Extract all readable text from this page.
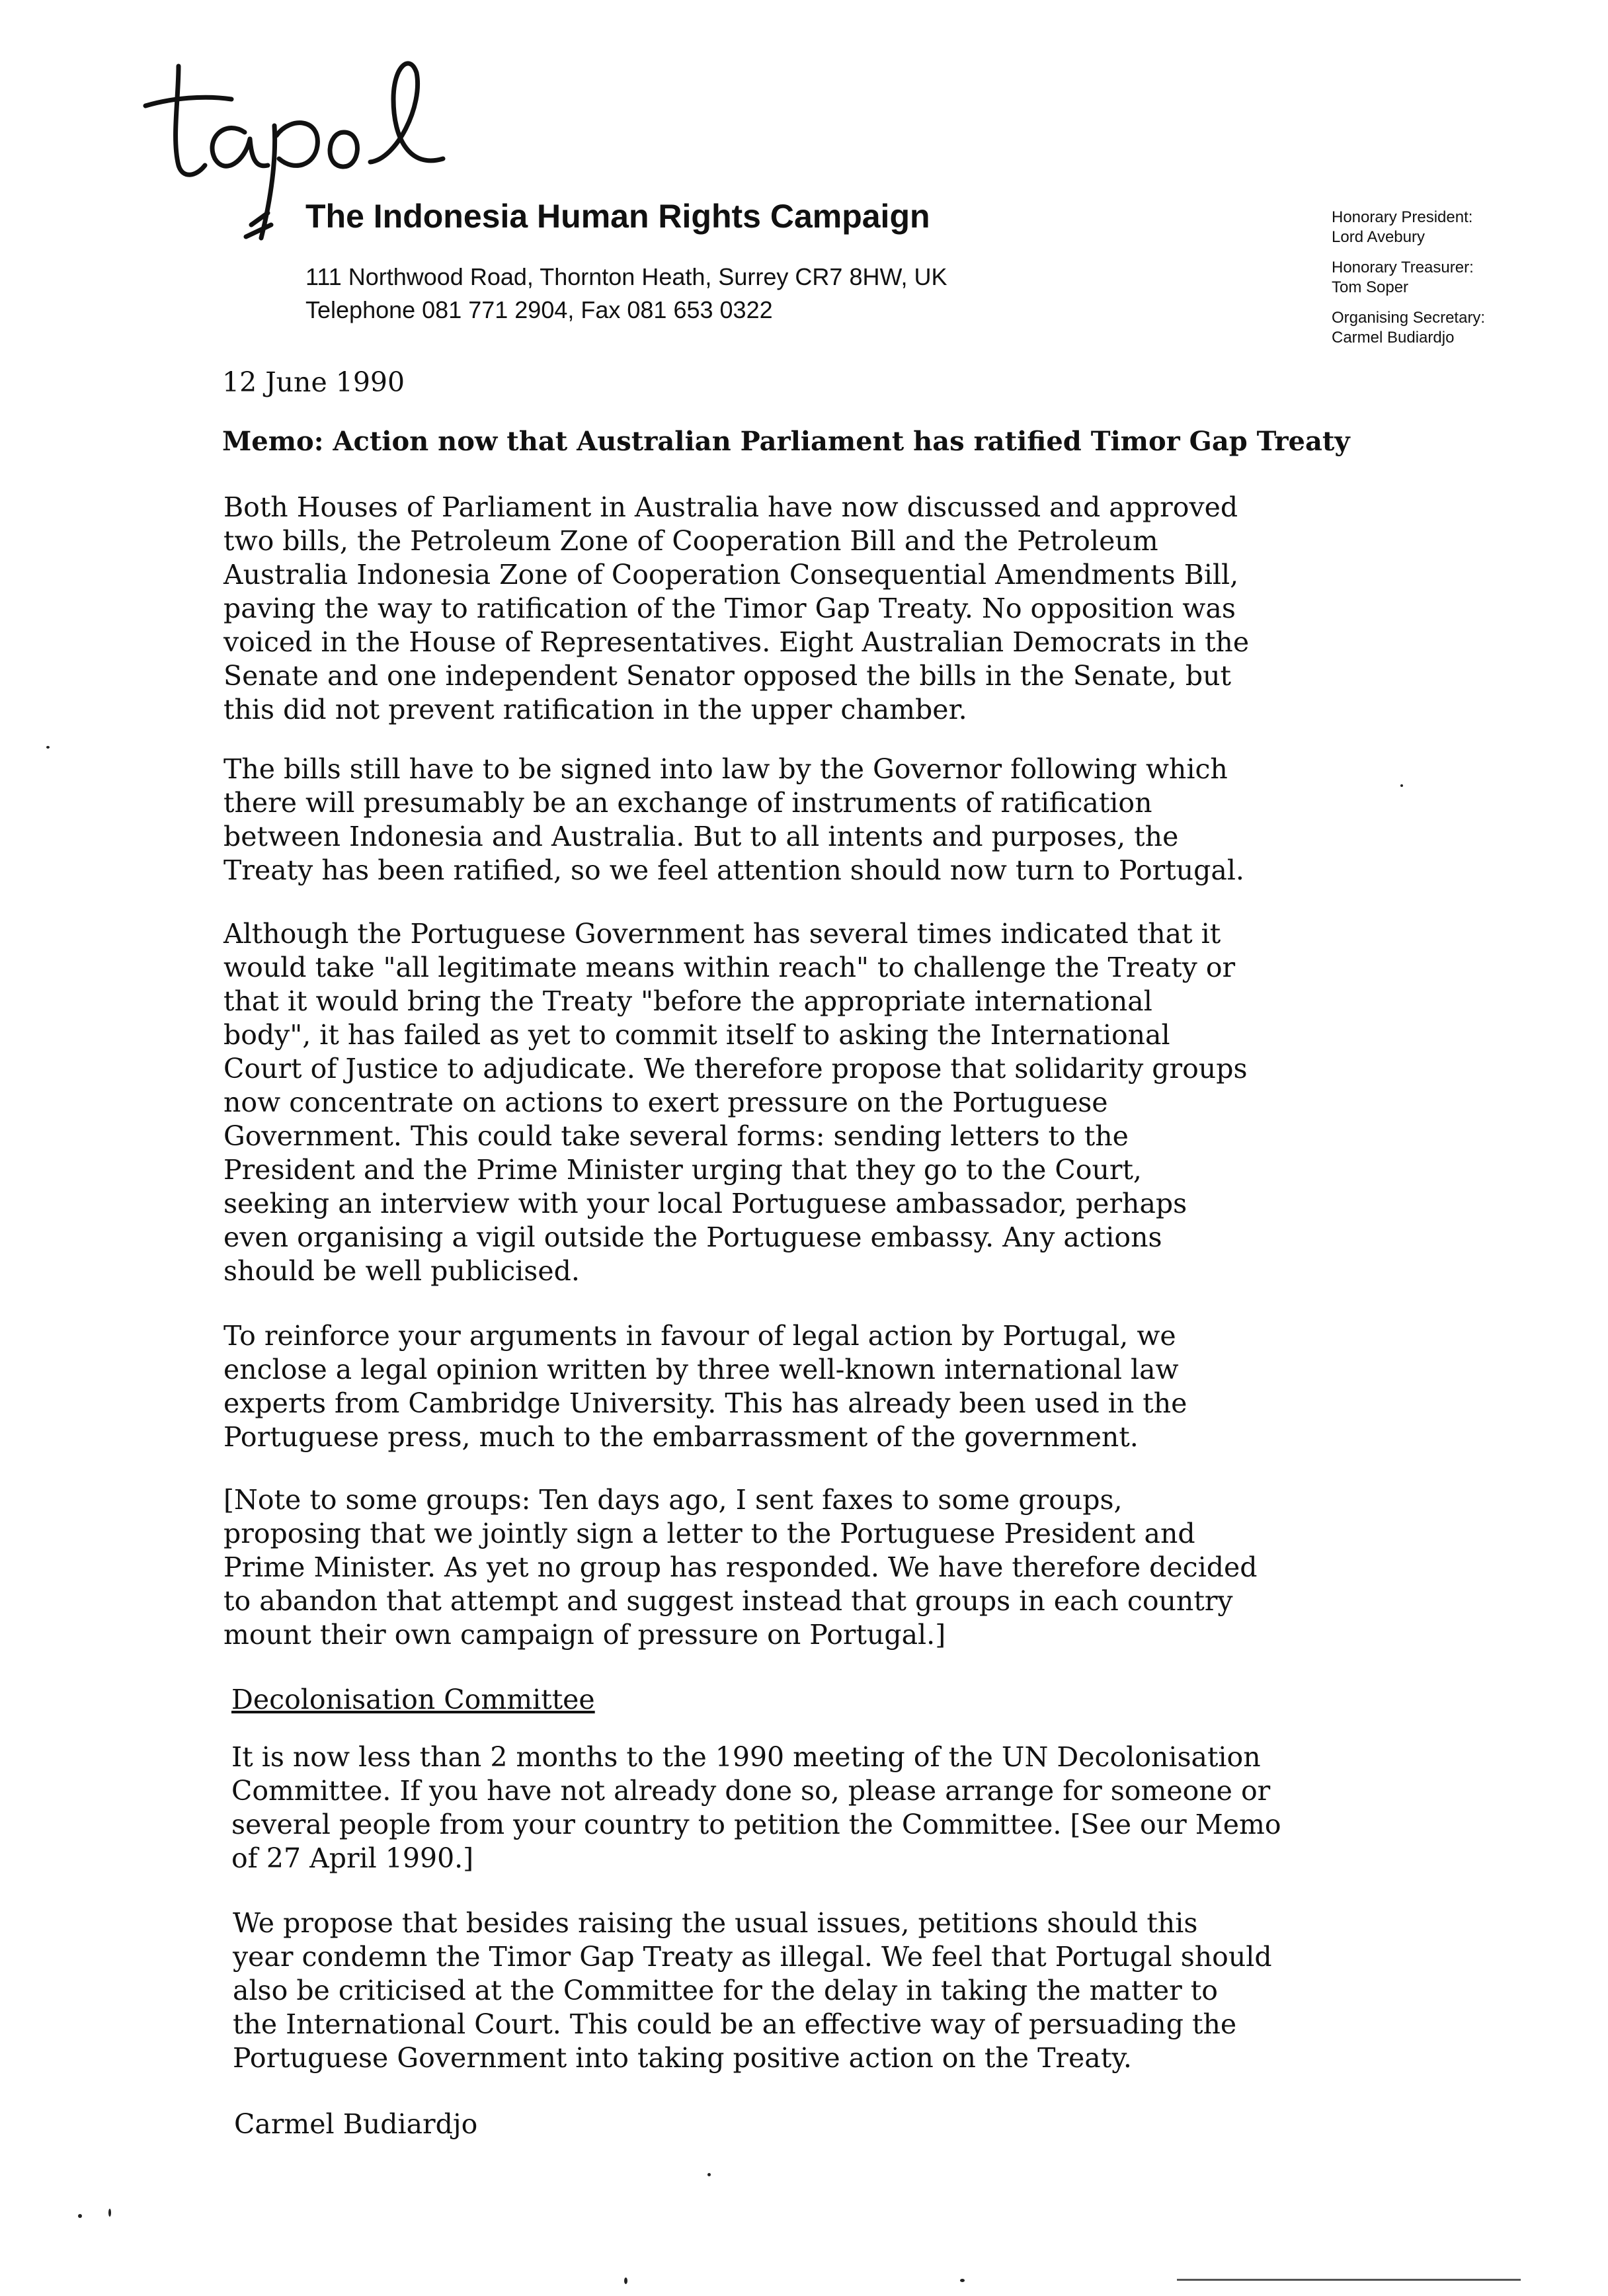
The Indonesia Human Rights Campaign
111 Northwood Road, Thornton Heath, Surrey CR7 8HW, UK
Telephone 081 771 2904, Fax 081 653 0322
Honorary President:
Lord Avebury
Honorary Treasurer:
Tom Soper
Organising Secretary:
Carmel Budiardjo
12 June 1990
Memo: Action now that Australian Parliament has ratified Timor Gap Treaty
Both Houses of Parliament in Australia have now discussed and approved
two bills, the Petroleum Zone of Cooperation Bill and the Petroleum
Australia Indonesia Zone of Cooperation Consequential Amendments Bill,
paving the way to ratification of the Timor Gap Treaty. No opposition was
voiced in the House of Representatives. Eight Australian Democrats in the
Senate and one independent Senator opposed the bills in the Senate, but
this did not prevent ratification in the upper chamber.
The bills still have to be signed into law by the Governor following which
there will presumably be an exchange of instruments of ratification
between Indonesia and Australia. But to all intents and purposes, the
Treaty has been ratified, so we feel attention should now turn to Portugal.
Although the Portuguese Government has several times indicated that it
would take "all legitimate means within reach" to challenge the Treaty or
that it would bring the Treaty "before the appropriate international
body", it has failed as yet to commit itself to asking the International
Court of Justice to adjudicate. We therefore propose that solidarity groups
now concentrate on actions to exert pressure on the Portuguese
Government. This could take several forms: sending letters to the
President and the Prime Minister urging that they go to the Court,
seeking an interview with your local Portuguese ambassador, perhaps
even organising a vigil outside the Portuguese embassy. Any actions
should be well publicised.
To reinforce your arguments in favour of legal action by Portugal, we
enclose a legal opinion written by three well-known international law
experts from Cambridge University. This has already been used in the
Portuguese press, much to the embarrassment of the government.
[Note to some groups: Ten days ago, I sent faxes to some groups,
proposing that we jointly sign a letter to the Portuguese President and
Prime Minister. As yet no group has responded. We have therefore decided
to abandon that attempt and suggest instead that groups in each country
mount their own campaign of pressure on Portugal.]
Decolonisation Committee
It is now less than 2 months to the 1990 meeting of the UN Decolonisation
Committee. If you have not already done so, please arrange for someone or
several people from your country to petition the Committee. [See our Memo
of 27 April 1990.]
We propose that besides raising the usual issues, petitions should this
year condemn the Timor Gap Treaty as illegal. We feel that Portugal should
also be criticised at the Committee for the delay in taking the matter to
the International Court. This could be an effective way of persuading the
Portuguese Government into taking positive action on the Treaty.
Carmel Budiardjo
